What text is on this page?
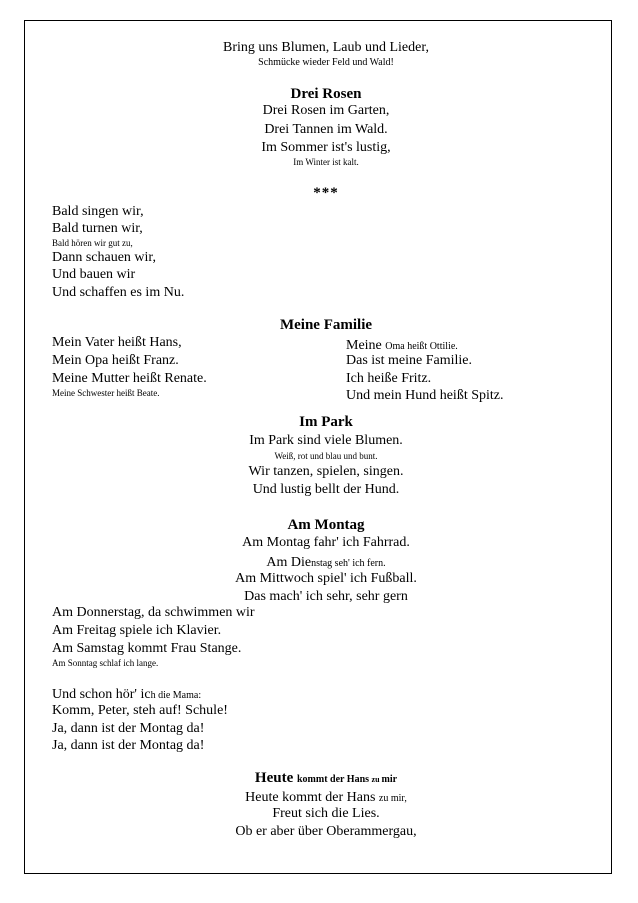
Bring uns Blumen, Laub und Lieder,
Schmücke wieder Feld und Wald!
Drei Rosen
Drei Rosen im Garten,
Drei Tannen im Wald.
Im Sommer ist's lustig,
Im Winter ist kalt.
***
Bald singen wir,
Bald turnen wir,
Bald hören wir gut zu,
Dann schauen wir,
Und bauen wir
Und schaffen es im Nu.
Meine Familie
Mein Vater heißt Hans,
Mein Opa heißt Franz.
Meine Mutter heißt Renate.
Meine Schwester heißt Beate.
Meine Oma heißt Ottilie.
Das ist meine Familie.
Ich heiße Fritz.
Und mein Hund heißt Spitz.
Im Park
Im Park sind viele Blumen.
Weiß, rot und blau und bunt.
Wir tanzen, spielen, singen.
Und lustig bellt der Hund.
Am Montag
Am Montag fahr' ich Fahrrad.
Am Dienstag seh' ich fern.
Am Mittwoch spiel' ich Fußball.
Das mach' ich sehr, sehr gern
Am Donnerstag, da schwimmen wir
Am Freitag spiele ich Klavier.
Am Samstag kommt Frau Stange.
Am Sonntag schlaf ich lange.
Und schon hör' ich die Mama:
Komm, Peter, steh auf! Schule!
Ja, dann ist der Montag da!
Ja, dann ist der Montag da!
Heute kommt der Hans zu mir
Heute kommt der Hans zu mir,
Freut sich die Lies.
Ob er aber über Oberammergau,
